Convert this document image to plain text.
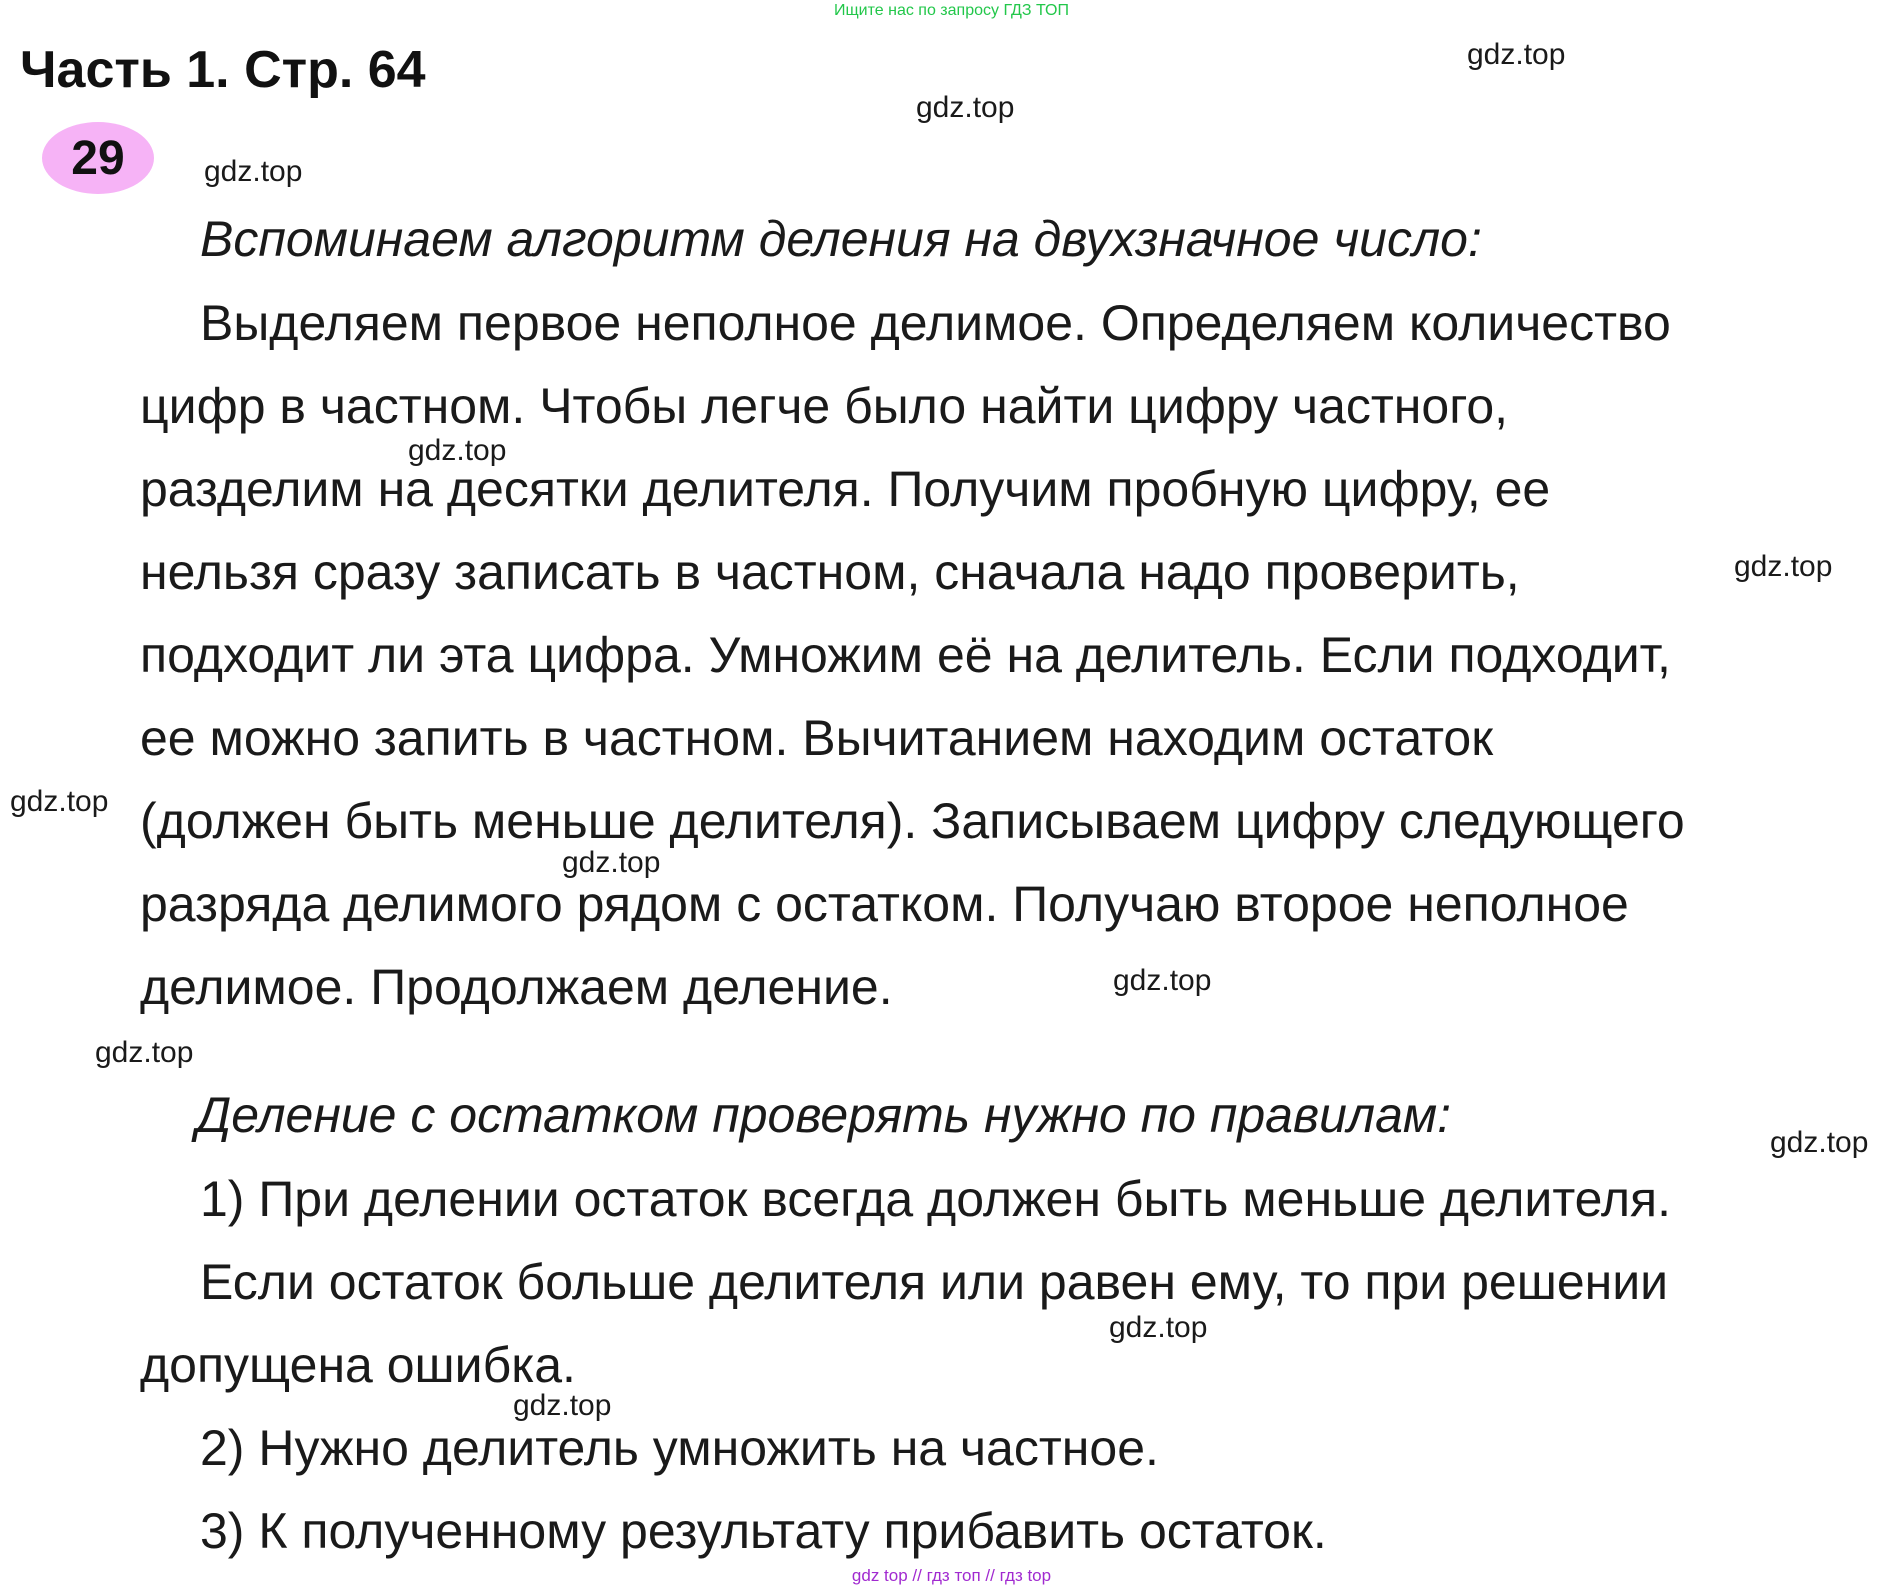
Ищите нас по запросу ГДЗ ТОП
Часть 1. Стр. 64
29
gdz.top
gdz.top
gdz.top
gdz.top
gdz.top
gdz.top
gdz.top
gdz.top
gdz.top
gdz.top
gdz.top
gdz.top
Вспоминаем алгоритм деления на двухзначное число:
Выделяем первое неполное делимое. Определяем количество
цифр в частном. Чтобы легче было найти цифру частного,
разделим на десятки делителя. Получим пробную цифру, ее
нельзя сразу записать в частном, сначала надо проверить,
подходит ли эта цифра. Умножим её на делитель. Если подходит,
ее можно запить в частном. Вычитанием находим остаток
(должен быть меньше делителя). Записываем цифру следующего
разряда делимого рядом с остатком. Получаю второе неполное
делимое. Продолжаем деление.
Деление с остатком проверять нужно по правилам:
1) При делении остаток всегда должен быть меньше делителя.
Если остаток больше делителя или равен ему, то при решении
допущена ошибка.
2) Нужно делитель умножить на частное.
3) К полученному результату прибавить остаток.
gdz top // гдз топ // гдз top
